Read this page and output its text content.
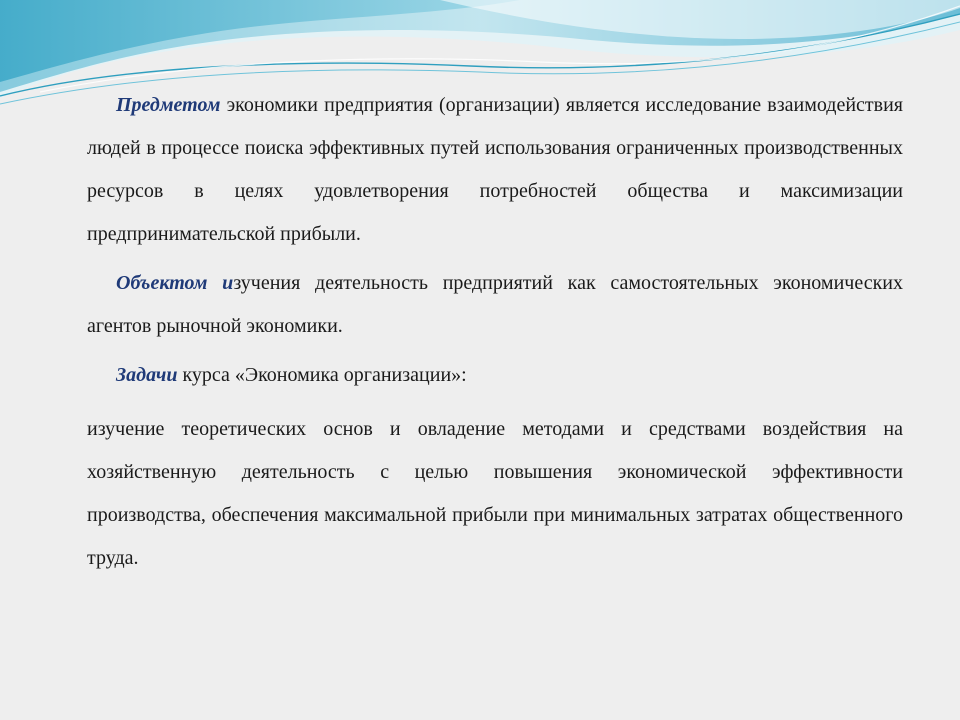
Предметом экономики предприятия (организации) является исследование взаимодействия людей в процессе поиска эффективных путей использования ограниченных производственных ресурсов в целях удовлетворения потребностей общества и максимизации предпринимательской прибыли.

Объектом изучения деятельность предприятий как самостоятельных экономических агентов рыночной экономики.

Задачи курса «Экономика организации»:

изучение теоретических основ и овладение методами и средствами воздействия на хозяйственную деятельность с целью повышения экономической эффективности производства, обеспечения максимальной прибыли при минимальных затратах общественного труда.
